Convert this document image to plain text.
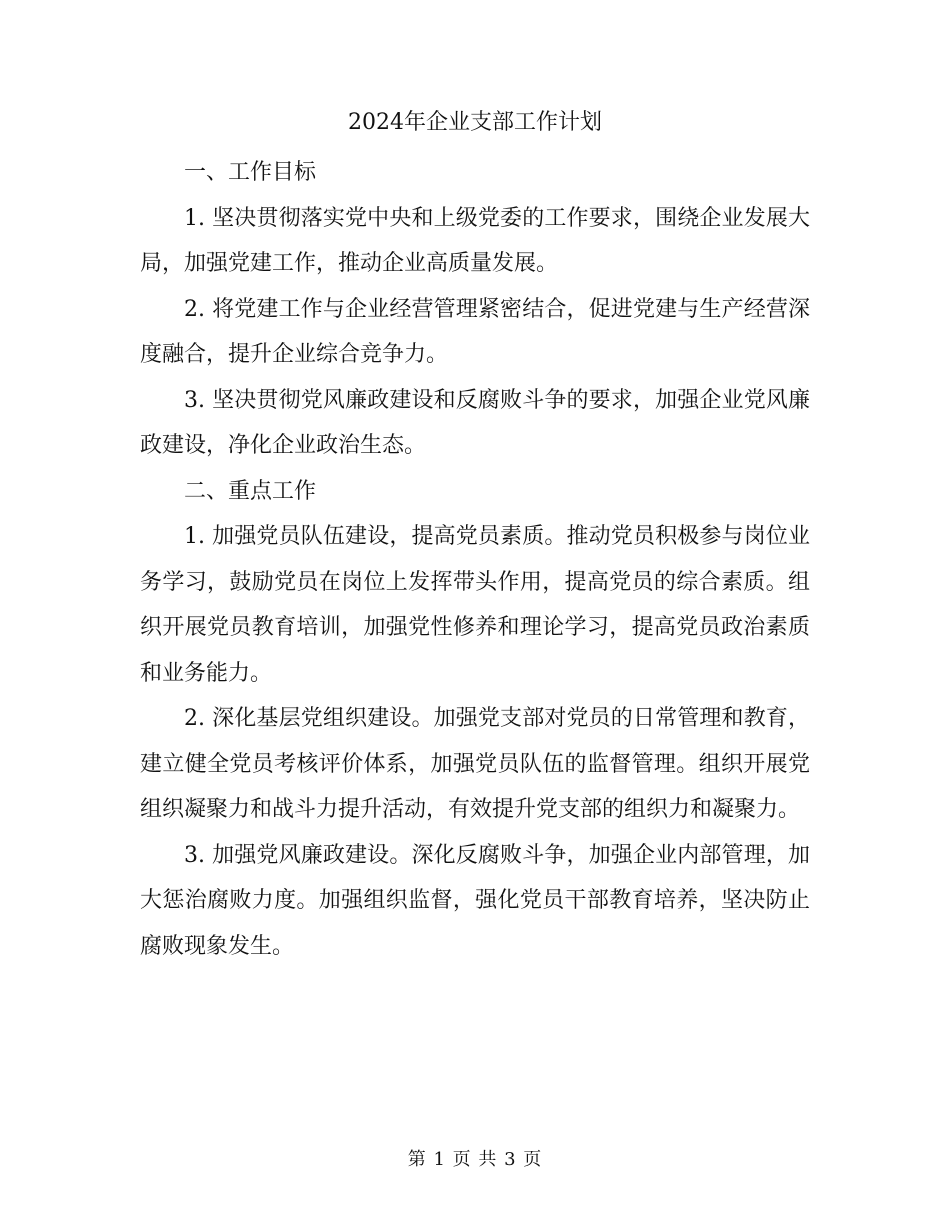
2024年企业支部工作计划

一、工作目标

1. 坚决贯彻落实党中央和上级党委的工作要求，围绕企业发展大局，加强党建工作，推动企业高质量发展。

2. 将党建工作与企业经营管理紧密结合，促进党建与生产经营深度融合，提升企业综合竞争力。

3. 坚决贯彻党风廉政建设和反腐败斗争的要求，加强企业党风廉政建设，净化企业政治生态。

二、重点工作

1. 加强党员队伍建设，提高党员素质。推动党员积极参与岗位业务学习，鼓励党员在岗位上发挥带头作用，提高党员的综合素质。组织开展党员教育培训，加强党性修养和理论学习，提高党员政治素质和业务能力。

2. 深化基层党组织建设。加强党支部对党员的日常管理和教育，建立健全党员考核评价体系，加强党员队伍的监督管理。组织开展党组织凝聚力和战斗力提升活动，有效提升党支部的组织力和凝聚力。

3. 加强党风廉政建设。深化反腐败斗争，加强企业内部管理，加大惩治腐败力度。加强组织监督，强化党员干部教育培养，坚决防止腐败现象发生。

第 1 页 共 3 页
